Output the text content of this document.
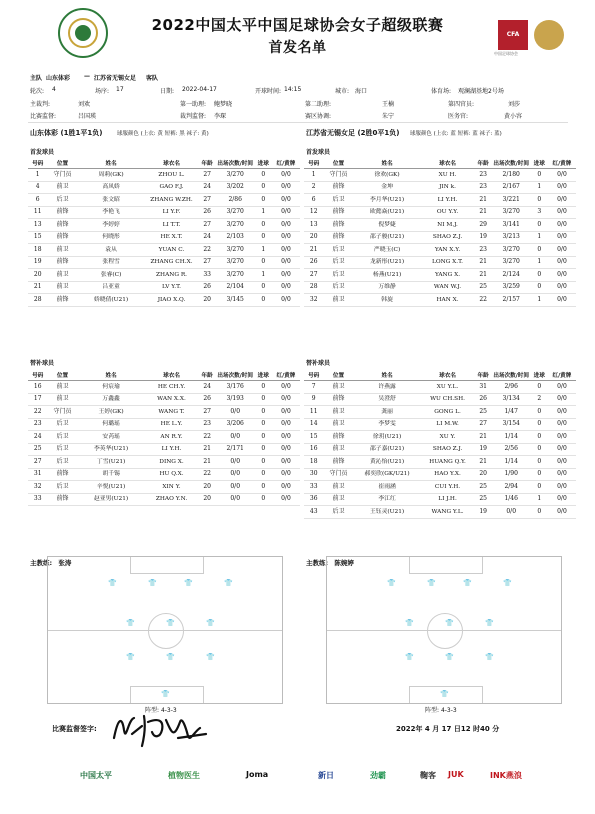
CFA
中国足球协会
2022中国太平中国足球协会女子超级联赛
首发名单
主队 山东体彩 — 江苏省无锡女足 客队
轮次: 4	场序: 17	日期: 2022-04-17	开球时间: 14:15	城市: 海口	体育场: 观澜湖基地2号场
主裁判:	刘欢	第一助理: 鲍梦晓	第二助理:	王楠	第四官员:	刘莎
比赛监督:	吕国瑛	裁判监督: 李琛	赛区协调:	朱宁	医务官:	黄小容
山东体彩 (1胜1平1负)	球服颜色 (上衣: 黄 短裤: 黑 袜子: 黄)	江苏省无锡女足 (2胜0平1负) 球服颜色 (上衣: 蓝 短裤: 蓝 袜子: 蓝)
首发球员	首发球员
号码	位置	姓名	球衣名	年龄	出场次数/时间	进球	红/黄牌
1	守门员	周莉(GK)	ZHOU L.	27	3/270	0	0/0
4	前卫	高凤娇	GAO F.J.	24	3/202	0	0/0
6	后卫	张文昭	ZHANG W.ZH.	27	2/86	0	0/0
11	前锋	李艳飞	LI Y.F.	26	3/270	1	0/0
13	前锋	李婷婷	LI T.T.	27	3/270	0	0/0
15	前锋	何晓彤	HE X.T.	24	2/103	0	0/0
18	前卫	袁从	YUAN C.	22	3/270	1	0/0
19	前锋	张程雪	ZHANG CH.X.	27	3/270	0	0/0
20	前卫	张睿(C)	ZHANG R.	33	3/270	1	0/0
21	前卫	吕亚童	LV Y.T.	26	2/104	0	0/0
28	前锋	娇晓倩(U21)	JIAO X.Q.	20	3/145	0	0/0
号码	位置	姓名	球衣名	年龄	出场次数/时间	进球	红/黄牌
1	守门员	徐欢(GK)	XU H.	23	2/180	0	0/0
2	前锋	金坤	JIN k.	23	2/167	1	0/0
6	后卫	李月华(U21)	LI Y.H.	21	3/221	0	0/0
12	前锋	欧懿焱(U21)	OU Y.Y.	21	3/270	3	0/0
13	前锋	倪梦婕	NI M.J.	29	3/141	0	0/0
20	前锋	邵子骏(U21)	SHAO Z.J.	19	3/213	1	0/0
21	后卫	严晓玉(C)	YAN X.Y.	23	3/270	0	0/0
26	后卫	龙新彤(U21)	LONG X.T.	21	3/270	1	0/0
27	后卫	杨燕(U21)	YANG X.	21	2/124	0	0/0
28	后卫	万维静	WAN W.J.	25	3/259	0	0/0
32	前卫	韩旋	HAN X.	22	2/157	1	0/0
替补球员	替补球员
号码	位置	姓名	球衣名	年龄	出场次数/时间	进球	红/黄牌
16	前卫	何宸瑜	HE CH.Y.	24	3/176	0	0/0
17	前卫	万鑫鑫	WAN X.X.	26	3/193	0	0/0
22	守门员	王婷(GK)	WANG T.	27	0/0	0	0/0
23	后卫	何璐瑶	HE L.Y.	23	3/206	0	0/0
24	后卫	安芮瑶	AN R.Y.	22	0/0	0	0/0
25	后卫	李英华(U21)	LI Y.H.	21	2/171	0	0/0
27	后卫	丁雪(U21)	DING X.	21	0/0	0	0/0
31	前锋	胡千锡	HU Q.X.	22	0/0	0	0/0
32	后卫	辛悦(U21)	XIN Y.	20	0/0	0	0/0
33	前锋	赵亚男(U21)	ZHAO Y.N.	20	0/0	0	0/0
号码	位置	姓名	球衣名	年龄	出场次数/时间	进球	红/黄牌
7	前卫	许燕露	XU Y.L.	31	2/96	0	0/0
9	前锋	吴澄舒	WU CH.SH.	26	3/134	2	0/0
11	前卫	龚丽	GONG L.	25	1/47	0	0/0
14	前卫	李梦雯	LI M.W.	27	3/154	0	0/0
15	前锋	徐玥(U21)	XU Y.	21	1/14	0	0/0
16	前卫	邵子嘉(U21)	SHAO Z.J.	19	2/56	0	0/0
18	前锋	黄沁怡(U21)	HUANG Q.Y.	21	1/14	0	0/0
30	守门员	郝奕欣(GK/U21)	HAO Y.X.	20	1/90	0	0/0
33	前卫	崔雨涵	CUI Y.H.	25	2/94	0	0/0
36	前卫	李江红	LI J.H.	25	1/46	1	0/0
43	后卫	王钰灵(U21)	WANG Y.L.	19	0/0	0	0/0
主教练: 张涛	主教练: 陈婉婷
👕	👕	👕	👕
👕	👕	👕
👕	👕	👕
👕
👕	👕	👕	👕
👕	👕	👕
👕	👕	👕
👕
阵型: 4-3-3	阵型: 4-3-3
比赛监督签字:	2022年 4 月 17 日12 时40 分
中国太平	植物医生	Joma	新日	劲霸	鞠客 JUK	INK燕浪
